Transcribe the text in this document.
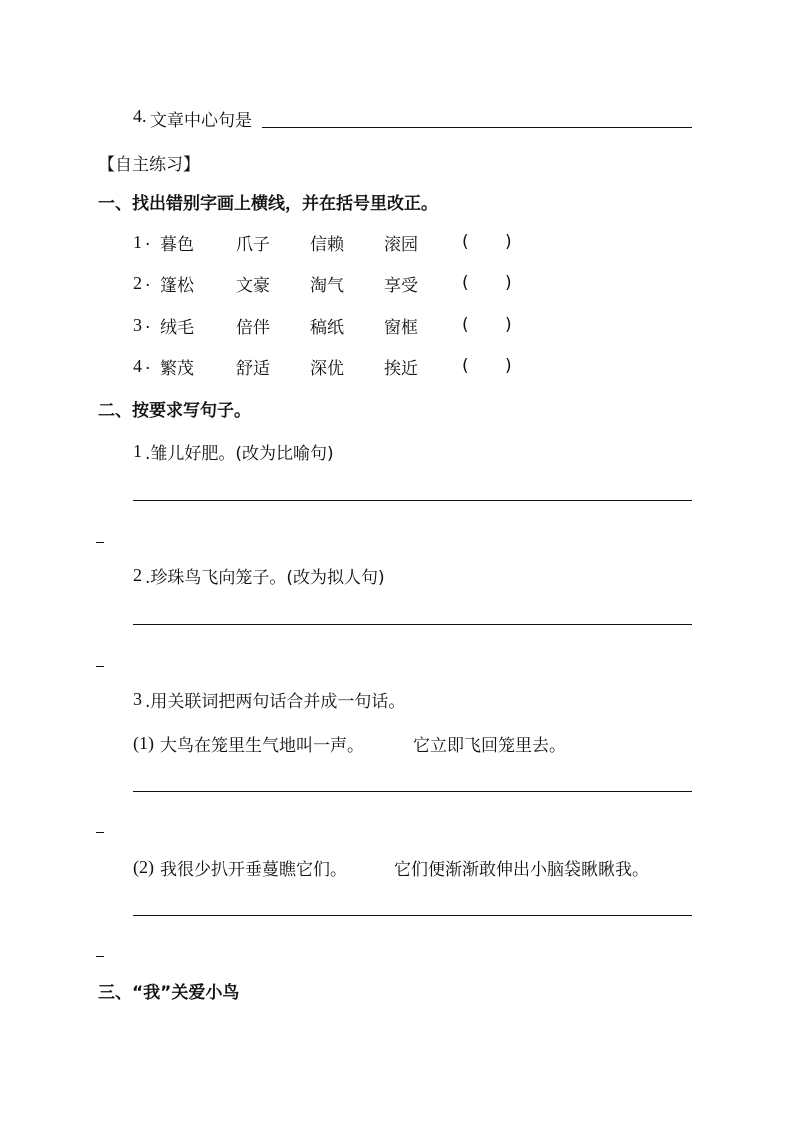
4. 文章中心句是
【自主练习】
一、找出错别字画上横线，并在括号里改正。
1 . 暮色 爪子 信赖 滚园	( )
2 . 篷松 文豪 淘气 享受	( )
3 . 绒毛 倍伴 稿纸 窗框	( )
4 . 繁茂 舒适 深优 挨近	( )
二、按要求写句子。
1 .雏儿好肥。(改为比喻句)
2 .珍珠鸟飞向笼子。(改为拟人句)
3 .用关联词把两句话合并成一句话。
(1) 大鸟在笼里生气地叫一声。	它立即飞回笼里去。
(2) 我很少扒开垂蔓瞧它们。	它们便渐渐敢伸出小脑袋瞅瞅我。
三、“我”关爱小鸟
